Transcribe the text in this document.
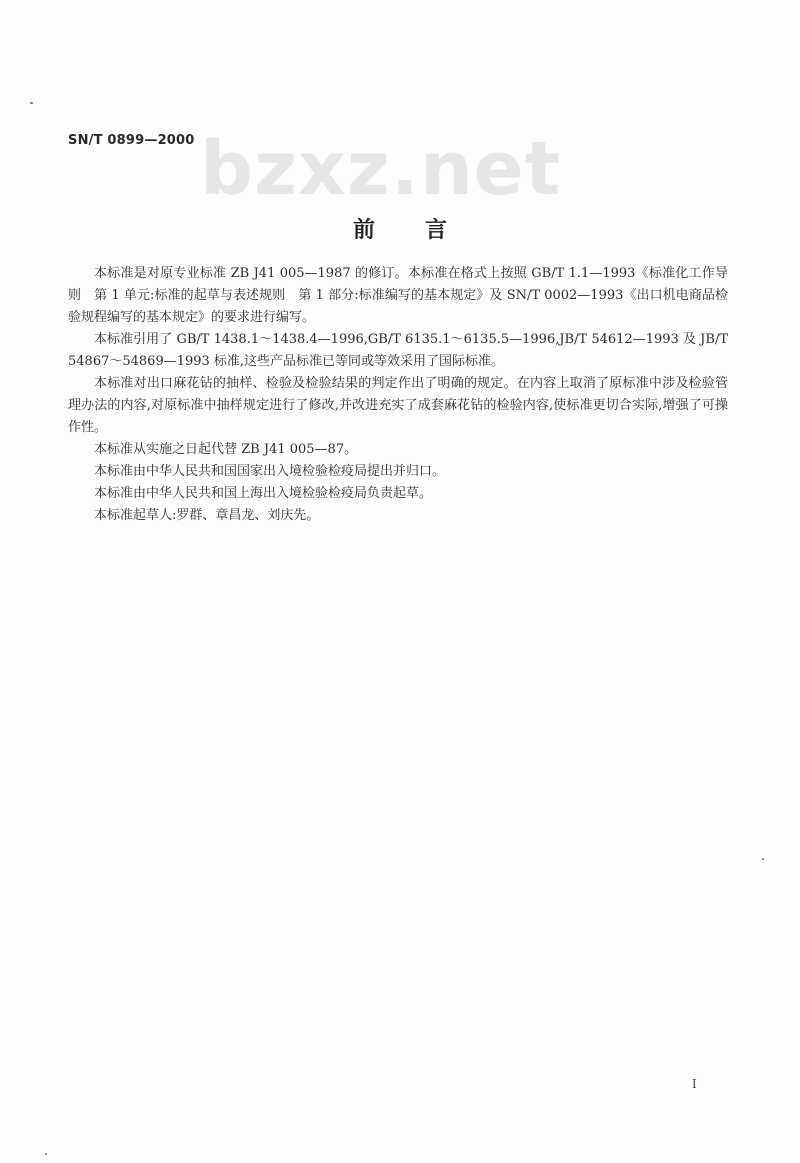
SN/T 0899—2000 bzxz.net
前 言

本标准是对原专业标准 ZB J41 005—1987 的修订。本标准在格式上按照 GB/T 1.1—1993《标准化工作导则　第 1 单元:标准的起草与表述规则　第 1 部分:标准编写的基本规定》及 SN/T 0002—1993《出口机电商品检验规程编写的基本规定》的要求进行编写。

本标准引用了 GB/T 1438.1～1438.4—1996,GB/T 6135.1～6135.5—1996,JB/T 54612—1993 及 JB/T 54867～54869—1993 标准,这些产品标准已等同或等效采用了国际标准。

本标准对出口麻花钻的抽样、检验及检验结果的判定作出了明确的规定。在内容上取消了原标准中涉及检验管理办法的内容,对原标准中抽样规定进行了修改,并改进充实了成套麻花钻的检验内容,使标准更切合实际,增强了可操作性。

本标准从实施之日起代替 ZB J41 005—87。

本标准由中华人民共和国国家出入境检验检疫局提出并归口。

本标准由中华人民共和国上海出入境检验检疫局负责起草。

本标准起草人:罗群、章昌龙、刘庆先。

I
